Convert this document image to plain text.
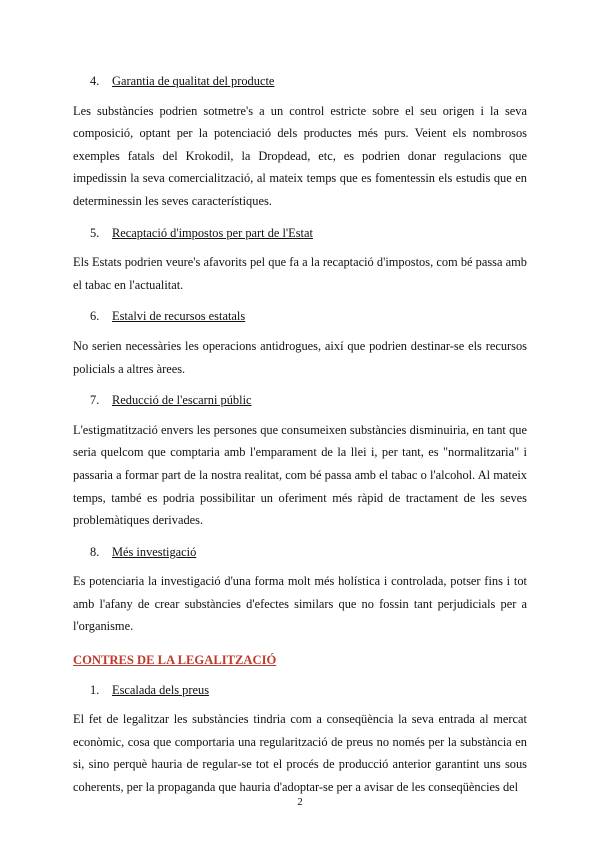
4.	Garantia de qualitat del producte

Les substàncies podrien sotmetre's a un control estricte sobre el seu origen i la seva composició, optant per la potenciació dels productes més purs. Veient els nombrosos exemples fatals del Krokodil, la Dropdead, etc, es podrien donar regulacions que impedissin la seva comercialització, al mateix temps que es fomentessin els estudis que en determinessin les seves característiques.

5.	Recaptació d'impostos per part de l'Estat

Els Estats podrien veure's afavorits pel que fa a la recaptació d'impostos, com bé passa amb el tabac en l'actualitat.

6.	Estalvi de recursos estatals

No serien necessàries les operacions antidrogues, així que podrien destinar-se els recursos policials a altres àrees.

7.	Reducció de l'escarni públic

L'estigmatització envers les persones que consumeixen substàncies disminuiria, en tant que seria quelcom que comptaria amb l'emparament de la llei i, per tant, es "normalitzaria" i passaria a formar part de la nostra realitat, com bé passa amb el tabac o l'alcohol. Al mateix temps, també es podria possibilitar un oferiment més ràpid de tractament de les seves problemàtiques derivades.

8.	Més investigació

Es potenciaria la investigació d'una forma molt més holística i controlada, potser fins i tot amb l'afany de crear substàncies d'efectes similars que no fossin tant perjudicials per a l'organisme.

CONTRES DE LA LEGALITZACIÓ
1.	Escalada dels preus

El fet de legalitzar les substàncies tindria com a conseqüència la seva entrada al mercat econòmic, cosa que comportaria una regularització de preus no només per la substància en si, sino perquè hauria de regular-se tot el procés de producció anterior garantint uns sous coherents, per la propaganda que hauria d'adoptar-se per a avisar de les conseqüències del

2
